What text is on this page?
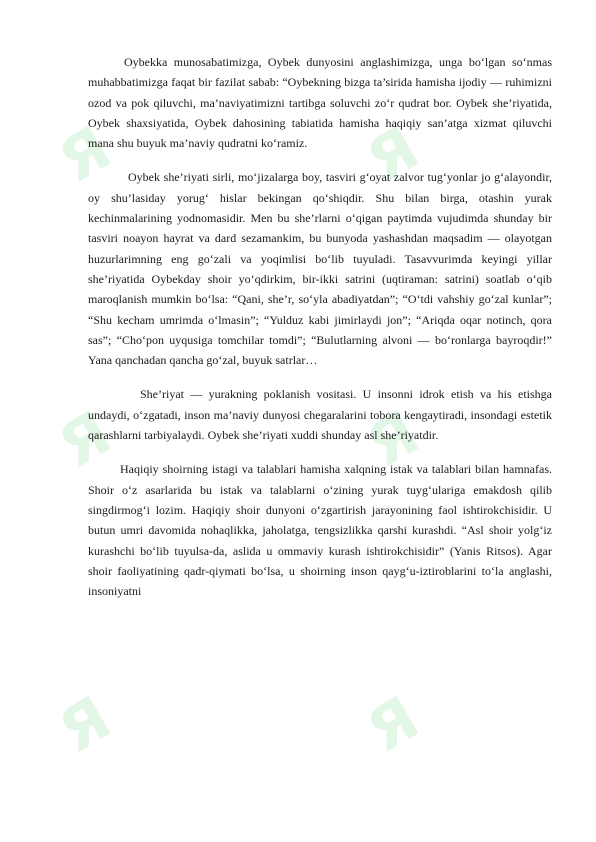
Я	Я
Я	Я
Я	Я

Oybekka munosabatimizga, Oybek dunyosini anglashimizga, unga bo‘lgan so‘nmas muhabbatimizga faqat bir fazilat sabab: “Oybekning bizga ta’sirida hamisha ijodiy — ruhimizni ozod va pok qiluvchi, ma’naviyatimizni tartibga soluvchi zo‘r qudrat bor. Oybek she’riyatida, Oybek shaxsiyatida, Oybek dahosining tabiatida hamisha haqiqiy san’atga xizmat qiluvchi mana shu buyuk ma’naviy qudratni ko‘ramiz.

Oybek she’riyati sirli, mo‘jizalarga boy, tasviri g‘oyat zalvor tug‘yonlar jo g‘alayondir, oy shu’lasiday yorug‘ hislar bekingan qo‘shiqdir. Shu bilan birga, otashin yurak kechinmalarining yodnomasidir. Men bu she’rlarni o‘qigan paytimda vujudimda shunday bir tasviri noayon hayrat va dard sezamankim, bu bunyoda yashashdan maqsadim — olayotgan huzurlarimning eng go‘zali va yoqimlisi bo‘lib tuyuladi. Tasavvurimda keyingi yillar she’riyatida Oybekday shoir yo‘qdirkim, bir-ikki satrini (uqtiraman: satrini) soatlab o‘qib maroqlanish mumkin bo‘lsa: “Qani, she’r, so‘yla abadiyatdan”; “O‘tdi vahshiy go‘zal kunlar”; “Shu kecham umrimda o‘lmasin”; “Yulduz kabi jimirlaydi jon”; “Ariqda oqar notinch, qora sas”; “Cho‘pon uyqusiga tomchilar tomdi”; “Bulutlarning alvoni — bo‘ronlarga bayroqdir!” Yana qanchadan qancha go‘zal, buyuk satrlar…

She’riyat — yurakning poklanish vositasi. U insonni idrok etish va his etishga undaydi, o‘zgatadi, inson ma’naviy dunyosi chegaralarini tobora kengaytiradi, insondagi estetik qarashlarni tarbiyalaydi. Oybek she’riyati xuddi shunday asl she’riyatdir.

Haqiqiy shoirning istagi va talablari hamisha xalqning istak va talablari bilan hamnafas. Shoir o‘z asarlarida bu istak va talablarni o‘zining yurak tuyg‘ulariga emakdosh qilib singdirmog‘i lozim. Haqiqiy shoir dunyoni o‘zgartirish jarayonining faol ishtirokchisidir. U butun umri davomida nohaqlikka, jaholatga, tengsizlikka qarshi kurashdi. “Asl shoir yolg‘iz kurashchi bo‘lib tuyulsa-da, aslida u ommaviy kurash ishtirokchisidir” (Yanis Ritsos). Agar shoir faoliyatining qadr-qiymati bo‘lsa, u shoirning inson qayg‘u-iztiroblarini to‘la anglashi, insoniyatni
